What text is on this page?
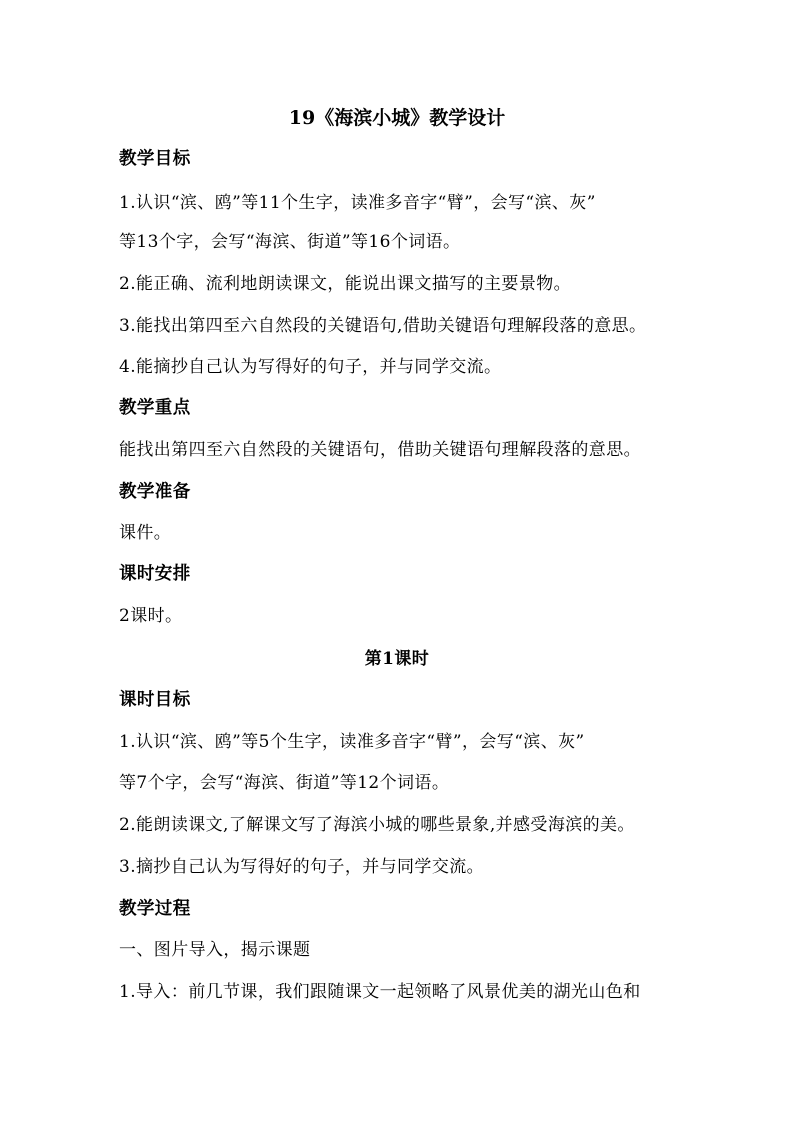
19《海滨小城》教学设计
教学目标
1.认识“滨、鸥”等11个生字，读准多音字“臂”，会写“滨、灰”
等13个字，会写“海滨、街道”等16个词语。
2.能正确、流利地朗读课文，能说出课文描写的主要景物。
3.能找出第四至六自然段的关键语句,借助关键语句理解段落的意思。
4.能摘抄自己认为写得好的句子，并与同学交流。
教学重点
能找出第四至六自然段的关键语句，借助关键语句理解段落的意思。
教学准备
课件。
课时安排
2课时。
第1课时
课时目标
1.认识“滨、鸥”等5个生字，读准多音字“臂”，会写“滨、灰”
等7个字，会写“海滨、街道”等12个词语。
2.能朗读课文,了解课文写了海滨小城的哪些景象,并感受海滨的美。
3.摘抄自己认为写得好的句子，并与同学交流。
教学过程
一、图片导入，揭示课题
1.导入：前几节课，我们跟随课文一起领略了风景优美的湖光山色和
